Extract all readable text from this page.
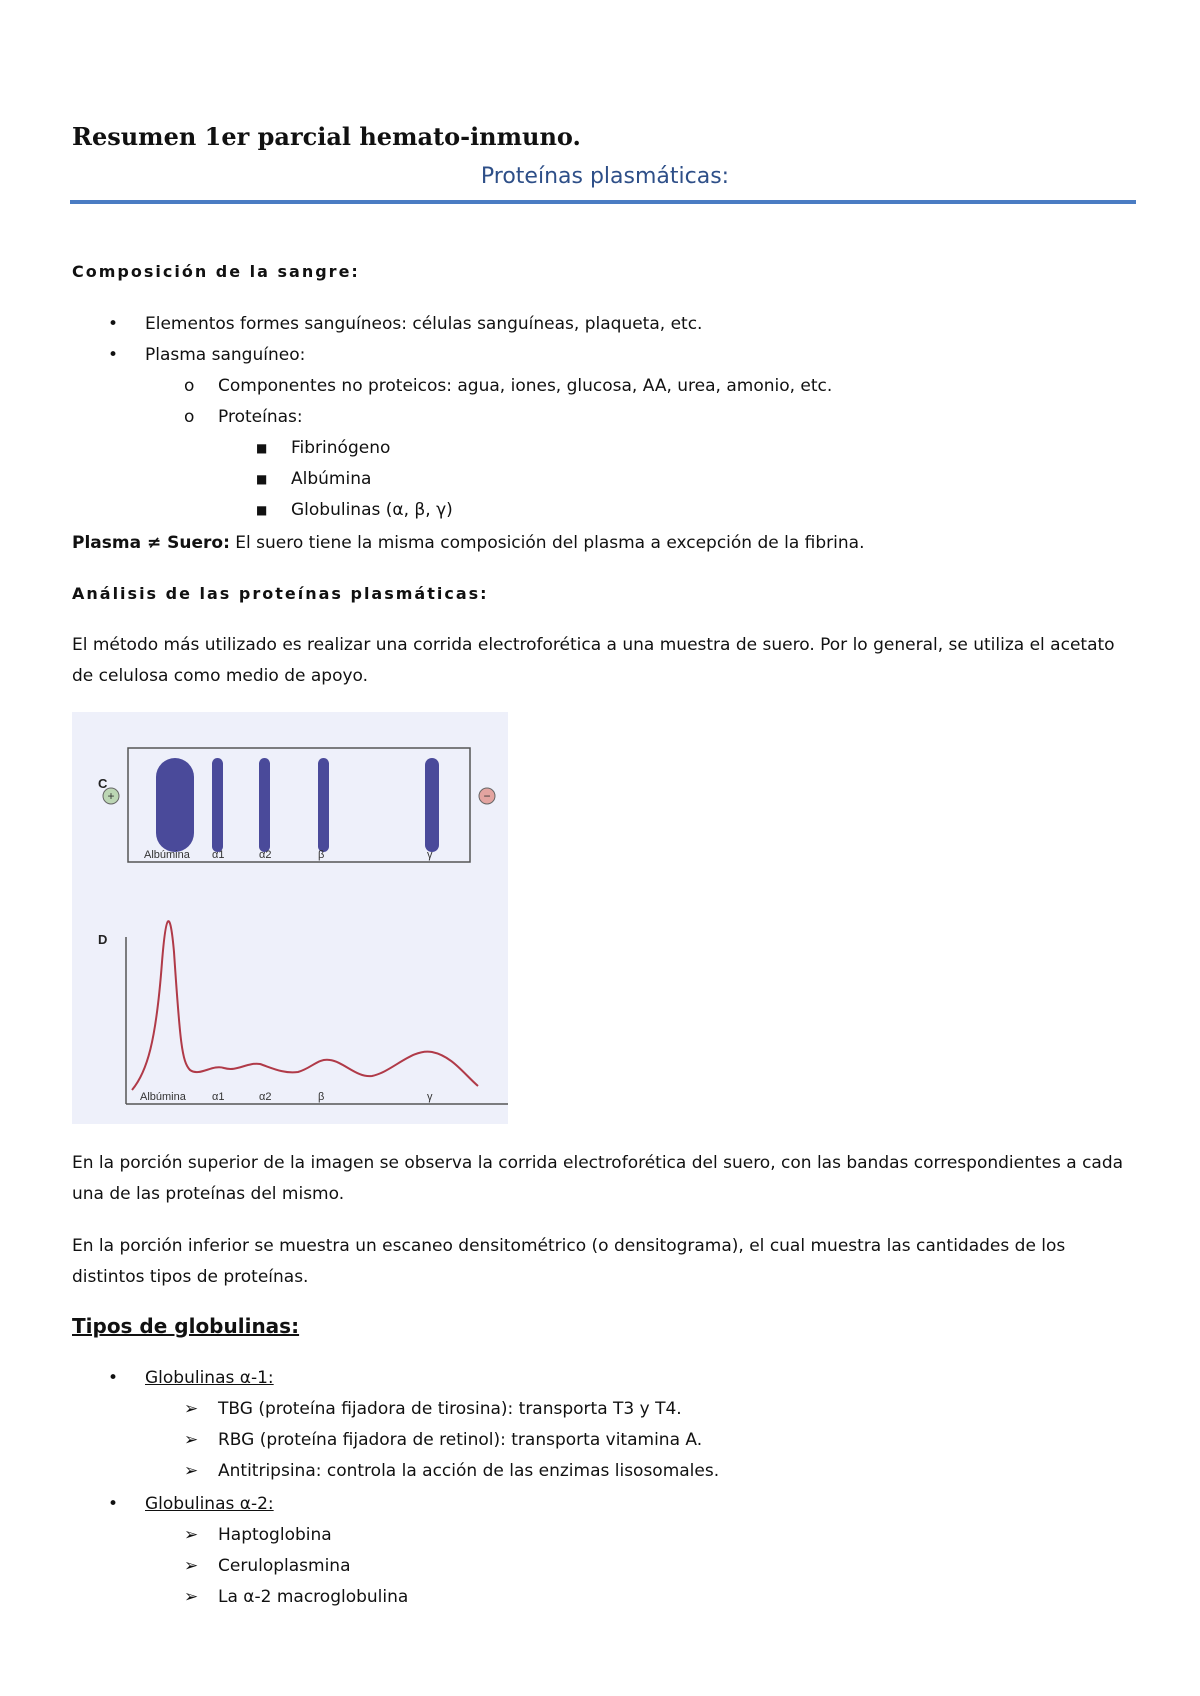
Resumen 1er parcial hemato-inmuno.
Proteínas plasmáticas:
Composición de la sangre:
• Elementos formes sanguíneos: células sanguíneas, plaqueta, etc.
• Plasma sanguíneo:
o Componentes no proteicos: agua, iones, glucosa, AA, urea, amonio, etc.
o Proteínas:
■ Fibrinógeno
■ Albúmina
■ Globulinas (α, β, γ)
Plasma ≠ Suero: El suero tiene la misma composición del plasma a excepción de la fibrina.
Análisis de las proteínas plasmáticas:
El método más utilizado es realizar una corrida electroforética a una muestra de suero. Por lo general, se utiliza el acetato de celulosa como medio de apoyo.
C
+	−
Albúmina α1	α2	β	γ
D
Albúmina α1	α2	β	γ
En la porción superior de la imagen se observa la corrida electroforética del suero, con las bandas correspondientes a cada una de las proteínas del mismo.
En la porción inferior se muestra un escaneo densitométrico (o densitograma), el cual muestra las cantidades de los distintos tipos de proteínas.
Tipos de globulinas:
• Globulinas α-1:
➢ TBG (proteína fijadora de tirosina): transporta T3 y T4.
➢ RBG (proteína fijadora de retinol): transporta vitamina A.
➢ Antitripsina: controla la acción de las enzimas lisosomales.
• Globulinas α-2:
➢ Haptoglobina
➢ Ceruloplasmina
➢ La α-2 macroglobulina
